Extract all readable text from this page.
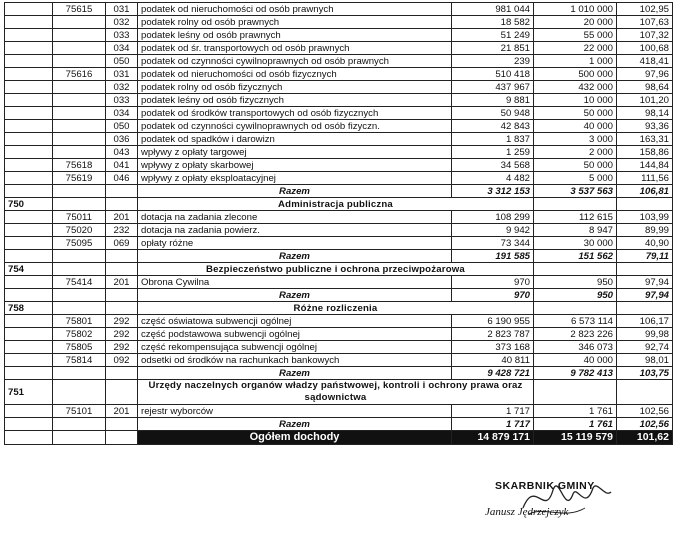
	75615	031	podatek od nieruchomości od osób prawnych	981 044	1 010 000	102,95
		032	podatek rolny od osób prawnych	18 582	20 000	107,63
		033	podatek leśny od osób prawnych	51 249	55 000	107,32
		034	podatek od śr. transportowych od osób prawnych	21 851	22 000	100,68
		050	podatek od czynności cywilnoprawnych od osób prawnych	239	1 000	418,41
	75616	031	podatek od nieruchomości od osób fizycznych	510 418	500 000	97,96
		032	podatek rolny od osób fizycznych	437 967	432 000	98,64
		033	podatek leśny od osób fizycznych	9 881	10 000	101,20
		034	podatek od środków transportowych od osób fizycznych	50 948	50 000	98,14
		050	podatek od czynności cywilnoprawnych od osób fizyczn.	42 843	40 000	93,36
		036	podatek od spadków i darowizn	1 837	3 000	163,31
		043	wpływy z opłaty targowej	1 259	2 000	158,86
	75618	041	wpływy z opłaty skarbowej	34 568	50 000	144,84
	75619	046	wpływy z opłaty eksploatacyjnej	4 482	5 000	111,56
			Razem	3 312 153	3 537 563	106,81
750			Administracja publiczna			
	75011	201	dotacja na zadania zlecone	108 299	112 615	103,99
	75020	232	dotacja na zadania powierz.	9 942	8 947	89,99
	75095	069	opłaty różne	73 344	30 000	40,90
			Razem	191 585	151 562	79,11
754			Bezpieczeństwo publiczne i ochrona przeciwpożarowa			
	75414	201	Obrona Cywilna	970	950	97,94
			Razem	970	950	97,94
758			Różne rozliczenia			
	75801	292	część oświatowa subwencji ogólnej	6 190 955	6 573 114	106,17
	75802	292	część podstawowa subwencji ogólnej	2 823 787	2 823 226	99,98
	75805	292	część rekompensująca subwencji ogólnej	373 168	346 073	92,74
	75814	092	odsetki od środków na rachunkach bankowych	40 811	40 000	98,01
			Razem	9 428 721	9 782 413	103,75
751			Urzędy naczelnych organów władzy państwowej, kontroli i ochrony prawa oraz sądownictwa			
	75101	201	rejestr wyborców	1 717	1 761	102,56
			Razem	1 717	1 761	102,56
			Ogółem dochody	14 879 171	15 119 579	101,62
SKARBNIK GMINY
Janusz Jędrzejczyk
